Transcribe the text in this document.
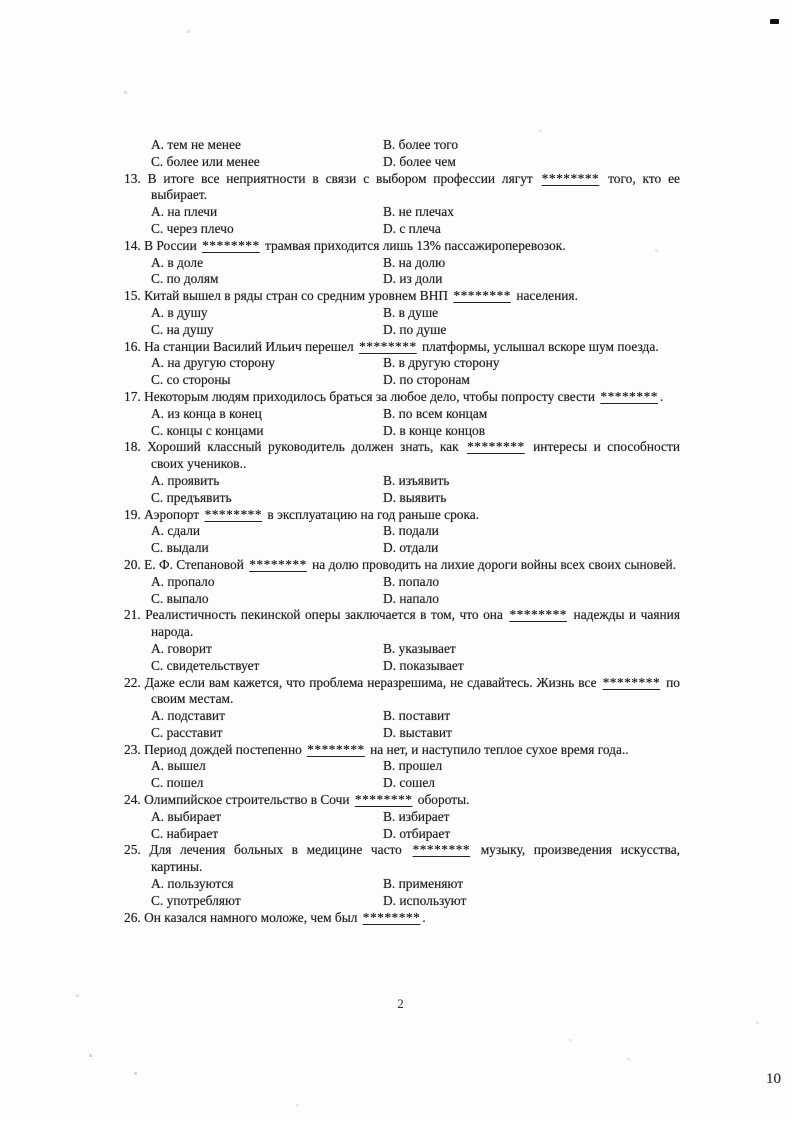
A. тем не менее	B. более того
C. более или менее	D. более чем
13. В итоге все неприятности в связи с выбором профессии лягут ******** того, кто ее выбирает.
A. на плечи	B. не плечах
C. через плечо	D. с плеча
14. В России ******** трамвая приходится лишь 13% пассажироперевозок.
A. в доле	B. на долю
C. по долям	D. из доли
15. Китай вышел в ряды стран со средним уровнем ВНП ******** населения.
A. в душу	B. в душе
C. на душу	D. по душе
16. На станции Василий Ильич перешел ******** платформы, услышал вскоре шум поезда.
A. на другую сторону	B. в другую сторону
C. со стороны	D. по сторонам
17. Некоторым людям приходилось браться за любое дело, чтобы попросту свести ******** .
A. из конца в конец	B. по всем концам
C. концы с концами	D. в конце концов
18. Хороший классный руководитель должен знать, как ******** интересы и способности своих учеников..
A. проявить	B. изъявить
C. предъявить	D. выявить
19. Аэропорт ******** в эксплуатацию на год раньше срока.
A. сдали	B. подали
C. выдали	D. отдали
20. Е. Ф. Степановой ******** на долю проводить на лихие дороги войны всех своих сыновей.
A. пропало	B. попало
C. выпало	D. напало
21. Реалистичность пекинской оперы заключается в том, что она ******** надежды и чаяния народа.
A. говорит	B. указывает
C. свидетельствует	D. показывает
22. Даже если вам кажется, что проблема неразрешима, не сдавайтесь. Жизнь все ******** по своим местам.
A. подставит	B. поставит
C. расставит	D. выставит
23. Период дождей постепенно ******** на нет, и наступило теплое сухое время года..
A. вышел	B. прошел
C. пошел	D. сошел
24. Олимпийское строительство в Сочи ******** обороты.
A. выбирает	B. избирает
C. набирает	D. отбирает
25. Для лечения больных в медицине часто ******** музыку, произведения искусства, картины.
A. пользуются	B. применяют
C. употребляют	D. используют
26. Он казался намного моложе, чем был ******** .
2
10
